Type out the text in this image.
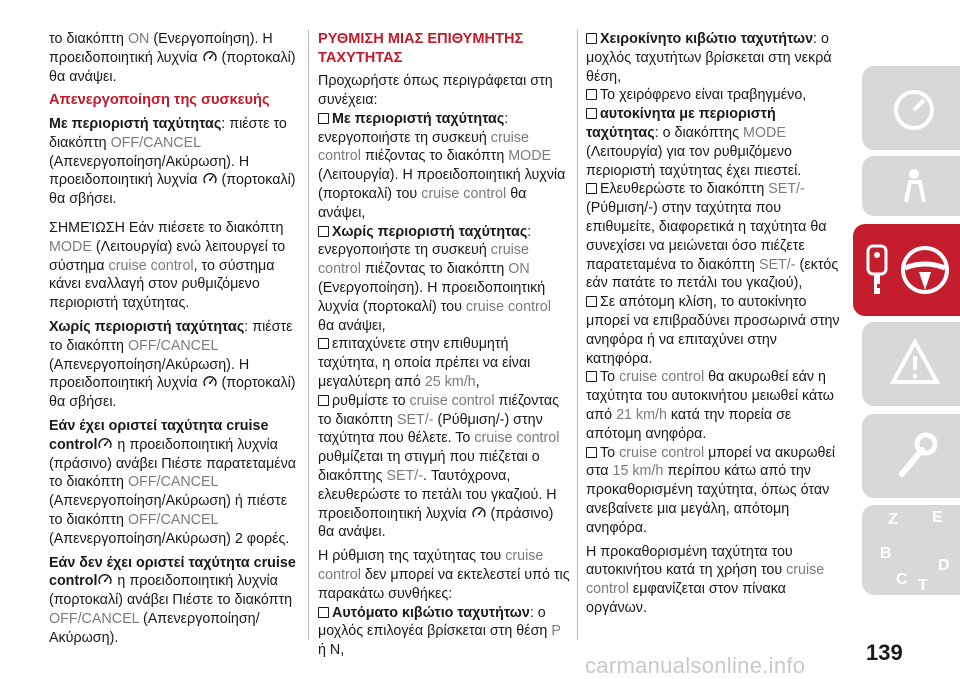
το διακόπτη ON (Ενεργοποίηση). Η προειδοποιητική λυχνία
(πορτοκαλί) θα ανάψει.

Απενεργοποίηση της συσκευής

Με περιοριστή ταχύτητας: πιέστε το διακόπτη OFF/CANCEL (Απενεργοποίηση/Ακύρωση). Η προειδοποιητική λυχνία
(πορτοκαλί) θα σβήσει.

ΣΗΜΕΊΩΣΗ Εάν πιέσετε το διακόπτη MODE (Λειτουργία) ενώ λειτουργεί το σύστημα cruise control, το σύστημα κάνει εναλλαγή στον ρυθμιζόμενο περιοριστή ταχύτητας.

Χωρίς περιοριστή ταχύτητας: πιέστε το διακόπτη OFF/CANCEL (Απενεργοποίηση/Ακύρωση). Η προειδοποιητική λυχνία
(πορτοκαλί) θα σβήσει.

Εάν έχει οριστεί ταχύτητα cruise control
η προειδοποιητική λυχνία (πράσινο) ανάβει Πιέστε παρατεταμένα το διακόπτη OFF/CANCEL (Απενεργοποίηση/Ακύρωση) ή πιέστε το διακόπτη OFF/CANCEL (Απενεργοποίηση/Ακύρωση) 2 φορές.

Εάν δεν έχει οριστεί ταχύτητα cruise control
η προειδοποιητική λυχνία (πορτοκαλί) ανάβει Πιέστε το διακόπτη OFF/CANCEL (Απενεργοποίηση/Ακύρωση).

ΡΥΘΜΙΣΗ ΜΙΑΣ ΕΠΙΘΥΜΗΤΗΣ ΤΑΧΥΤΗΤΑΣ

Προχωρήστε όπως περιγράφεται στη συνέχεια:

Με περιοριστή ταχύτητας: ενεργοποιήστε τη συσκευή cruise control πιέζοντας το διακόπτη MODE (Λειτουργία). Η προειδοποιητική λυχνία (πορτοκαλί) του cruise control θα ανάψει,
Χωρίς περιοριστή ταχύτητας: ενεργοποιήστε τη συσκευή cruise control πιέζοντας το διακόπτη ON (Ενεργοποίηση). Η προειδοποιητική λυχνία (πορτοκαλί) του cruise control θα ανάψει,
επιταχύνετε στην επιθυμητή ταχύτητα, η οποία πρέπει να είναι μεγαλύτερη από 25 km/h,
ρυθμίστε το cruise control πιέζοντας το διακόπτη SET/- (Ρύθμιση/-) στην ταχύτητα που θέλετε. Το cruise control ρυθμίζεται τη στιγμή που πιέζεται ο διακόπτης SET/-. Ταυτόχρονα, ελευθερώστε το πετάλι του γκαζιού. Η προειδοποιητική λυχνία
(πράσινο) θα ανάψει.

Η ρύθμιση της ταχύτητας του cruise control δεν μπορεί να εκτελεστεί υπό τις παρακάτω συνθήκες:

Αυτόματο κιβώτιο ταχυτήτων: ο μοχλός επιλογέα βρίσκεται στη θέση P ή N,
Χειροκίνητο κιβώτιο ταχυτήτων: ο μοχλός ταχυτήτων βρίσκεται στη νεκρά θέση,
Το χειρόφρενο είναι τραβηγμένο,
αυτοκίνητα με περιοριστή ταχύτητας: ο διακόπτης MODE (Λειτουργία) για τον ρυθμιζόμενο περιοριστή ταχύτητας έχει πιεστεί.
Ελευθερώστε το διακόπτη SET/- (Ρύθμιση/-) στην ταχύτητα που επιθυμείτε, διαφορετικά η ταχύτητα θα συνεχίσει να μειώνεται όσο πιέζετε παρατεταμένα το διακόπτη SET/- (εκτός εάν πατάτε το πετάλι του γκαζιού),
Σε απότομη κλίση, το αυτοκίνητο μπορεί να επιβραδύνει προσωρινά στην ανηφόρα ή να επιταχύνει στην κατηφόρα.
Το cruise control θα ακυρωθεί εάν η ταχύτητα του αυτοκινήτου μειωθεί κάτω από 21 km/h κατά την πορεία σε απότομη ανηφόρα.
Το cruise control μπορεί να ακυρωθεί στα 15 km/h περίπου κάτω από την προκαθορισμένη ταχύτητα, όπως όταν ανεβαίνετε μια μεγάλη, απότομη ανηφόρα.

Η προκαθορισμένη ταχύτητα του αυτοκινήτου κατά τη χρήση του cruise control εμφανίζεται στον πίνακα οργάνων.

Z E
B
C T
D
139
carmanualsonline.info
